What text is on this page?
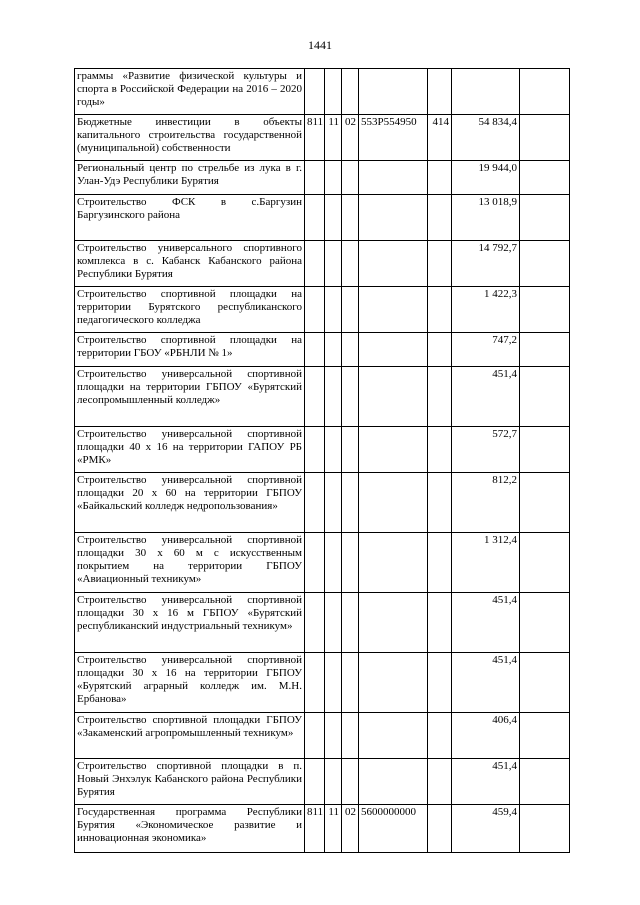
1441
граммы «Развитие физической культуры и спорта в Российской Федерации на 2016 – 2020 годы»							
Бюджетные инвестиции в объекты капитального строительства государственной (муниципальной) собственности	811	11	02	553Р554950	414	54 834,4	
Региональный центр по стрельбе из лука в г. Улан-Удэ Республики Бурятия						19 944,0	
Строительство ФСК в с.Баргузин Баргузинского района						13 018,9	
Строительство универсального спортивного комплекса в с. Кабанск Кабанского района Республики Бурятия						14 792,7	
Строительство спортивной площадки на территории Бурятского республиканского педагогического колледжа						1 422,3	
Строительство спортивной площадки на территории ГБОУ «РБНЛИ № 1»						747,2	
Строительство универсальной спортивной площадки на территории ГБПОУ «Бурятский лесопромышленный колледж»						451,4	
Строительство универсальной спортивной площадки 40 х 16 на территории ГАПОУ РБ «РМК»						572,7	
Строительство универсальной спортивной площадки 20 х 60 на территории ГБПОУ «Байкальский колледж недропользования»						812,2	
Строительство универсальной спортивной площадки 30 х 60 м с искусственным покрытием на территории ГБПОУ «Авиационный техникум»						1 312,4	
Строительство универсальной спортивной площадки 30 х 16 м ГБПОУ «Бурятский республиканский индустриальный техникум»						451,4	
Строительство универсальной спортивной площадки 30 х 16 на территории ГБПОУ «Бурятский аграрный колледж им. М.Н. Ербанова»						451,4	
Строительство спортивной площадки ГБПОУ «Закаменский агропромышленный техникум»						406,4	
Строительство спортивной площадки в п. Новый Энхэлук Кабанского района Республики Бурятия						451,4	
Государственная программа Республики Бурятия «Экономическое развитие и инновационная экономика»	811	11	02	5600000000		459,4	
